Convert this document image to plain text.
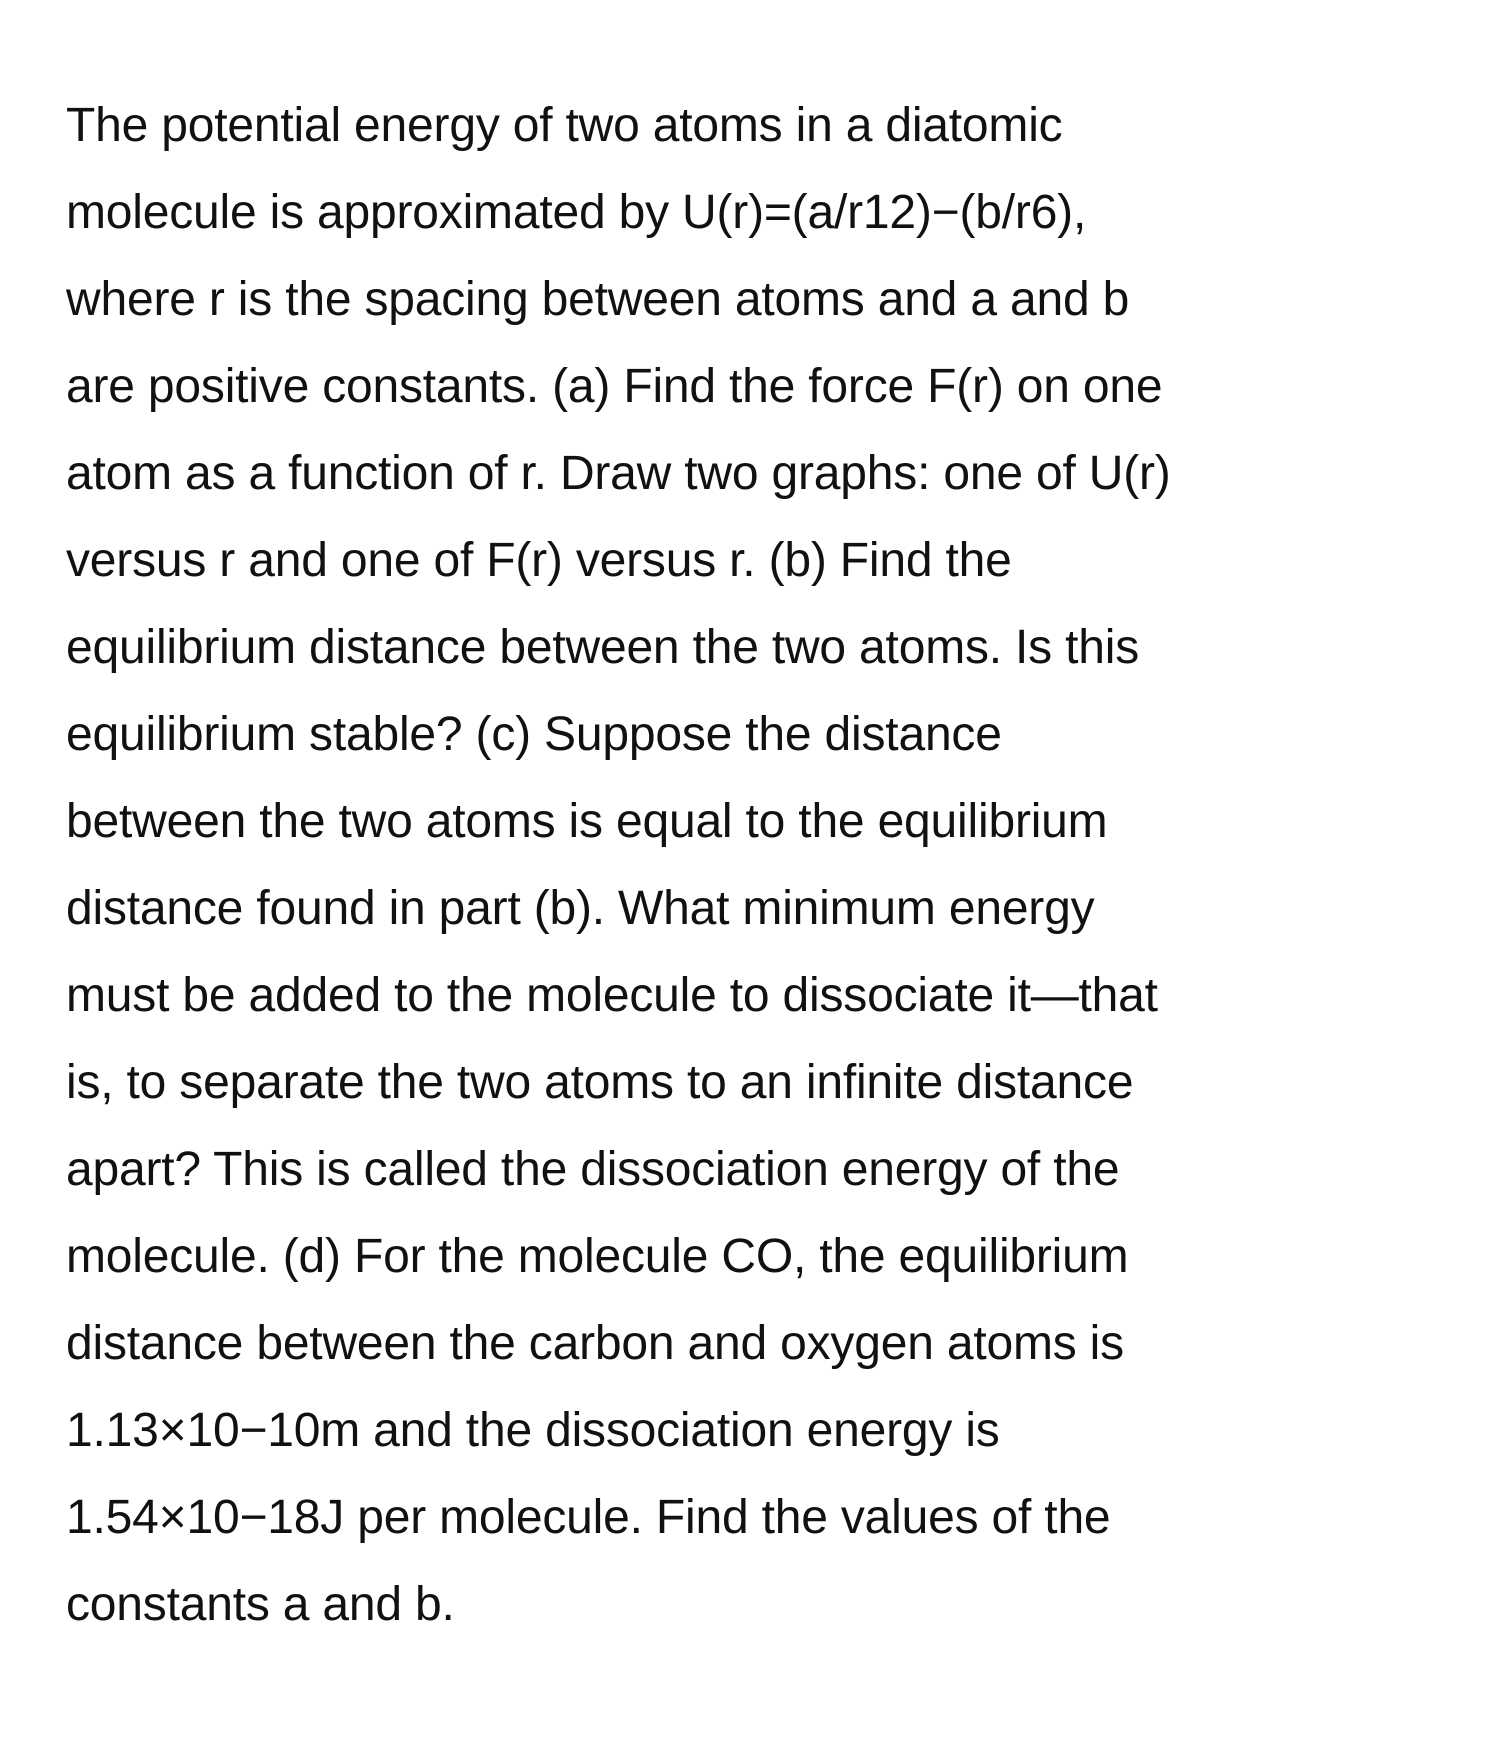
The potential energy of two atoms in a diatomic
molecule is approximated by U(r)=(a/r12)−(b/r6),
where r is the spacing between atoms and a and b
are positive constants. (a) Find the force F(r) on one
atom as a function of r. Draw two graphs: one of U(r)
versus r and one of F(r) versus r. (b) Find the
equilibrium distance between the two atoms. Is this
equilibrium stable? (c) Suppose the distance
between the two atoms is equal to the equilibrium
distance found in part (b). What minimum energy
must be added to the molecule to dissociate it—that
is, to separate the two atoms to an infinite distance
apart? This is called the dissociation energy of the
molecule. (d) For the molecule CO, the equilibrium
distance between the carbon and oxygen atoms is
1.13×10−10m and the dissociation energy is
1.54×10−18J per molecule. Find the values of the
constants a and b.
